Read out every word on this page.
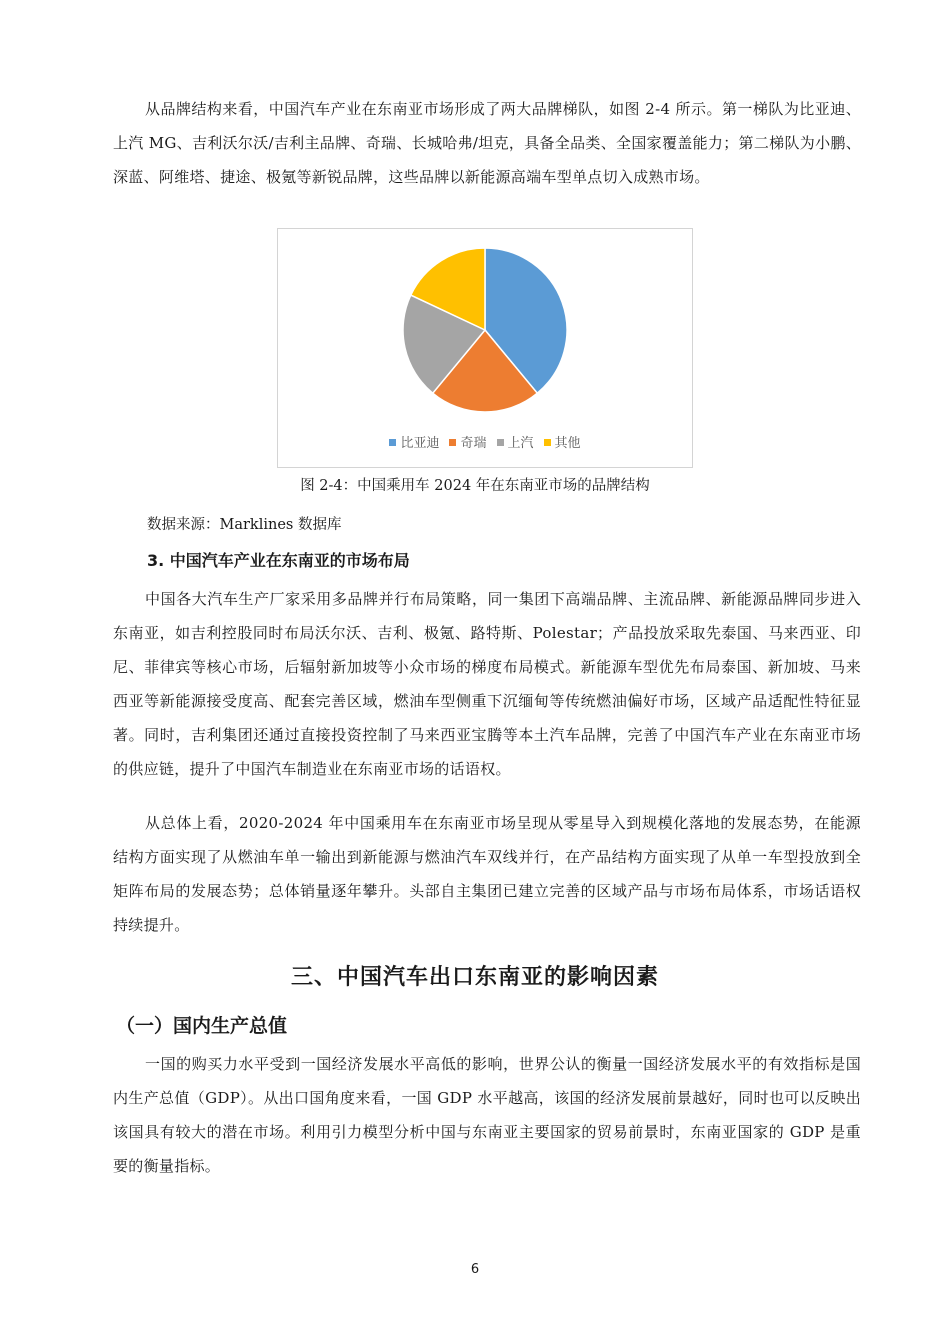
从品牌结构来看，中国汽车产业在东南亚市场形成了两大品牌梯队，如图 2-4 所示。第一梯队为比亚迪、上汽 MG、吉利沃尔沃/吉利主品牌、奇瑞、长城哈弗/坦克，具备全品类、全国家覆盖能力；第二梯队为小鹏、深蓝、阿维塔、捷途、极氪等新锐品牌，这些品牌以新能源高端车型单点切入成熟市场。

比亚迪 奇瑞 上汽 其他
图 2-4：中国乘用车 2024 年在东南亚市场的品牌结构
数据来源：Marklines 数据库
3. 中国汽车产业在东南亚的市场布局

中国各大汽车生产厂家采用多品牌并行布局策略，同一集团下高端品牌、主流品牌、新能源品牌同步进入东南亚，如吉利控股同时布局沃尔沃、吉利、极氪、路特斯、Polestar；产品投放采取先泰国、马来西亚、印尼、菲律宾等核心市场，后辐射新加坡等小众市场的梯度布局模式。新能源车型优先布局泰国、新加坡、马来西亚等新能源接受度高、配套完善区域，燃油车型侧重下沉缅甸等传统燃油偏好市场，区域产品适配性特征显著。同时，吉利集团还通过直接投资控制了马来西亚宝腾等本土汽车品牌，完善了中国汽车产业在东南亚市场的供应链，提升了中国汽车制造业在东南亚市场的话语权。

从总体上看，2020-2024 年中国乘用车在东南亚市场呈现从零星导入到规模化落地的发展态势，在能源结构方面实现了从燃油车单一输出到新能源与燃油汽车双线并行，在产品结构方面实现了从单一车型投放到全矩阵布局的发展态势；总体销量逐年攀升。头部自主集团已建立完善的区域产品与市场布局体系，市场话语权持续提升。

三、中国汽车出口东南亚的影响因素
（一）国内生产总值

一国的购买力水平受到一国经济发展水平高低的影响，世界公认的衡量一国经济发展水平的有效指标是国内生产总值（GDP）。从出口国角度来看，一国 GDP 水平越高，该国的经济发展前景越好，同时也可以反映出该国具有较大的潜在市场。利用引力模型分析中国与东南亚主要国家的贸易前景时，东南亚国家的 GDP 是重要的衡量指标。

6
